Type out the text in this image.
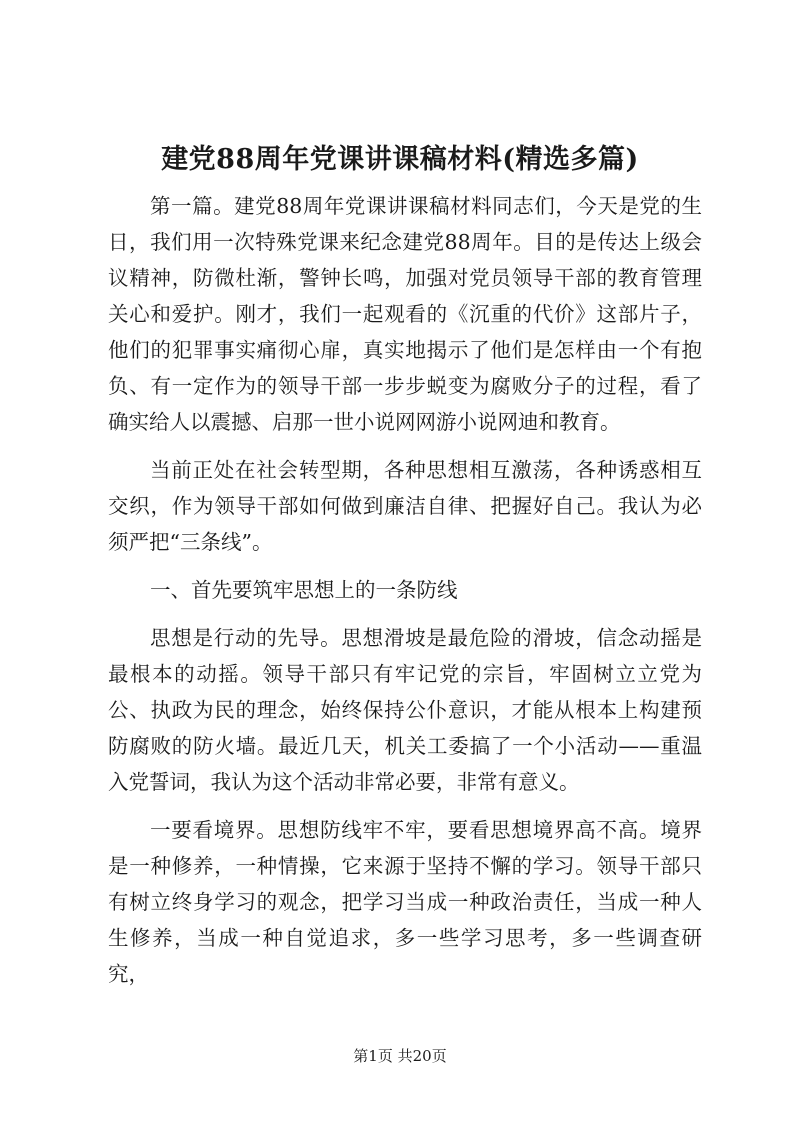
建党88周年党课讲课稿材料(精选多篇)

第一篇。建党88周年党课讲课稿材料同志们，今天是党的生日，我们用一次特殊党课来纪念建党88周年。目的是传达上级会议精神，防微杜渐，警钟长鸣，加强对党员领导干部的教育管理关心和爱护。刚才，我们一起观看的《沉重的代价》这部片子，他们的犯罪事实痛彻心扉，真实地揭示了他们是怎样由一个有抱负、有一定作为的领导干部一步步蜕变为腐败分子的过程，看了确实给人以震撼、启那一世小说网网游小说网迪和教育。

当前正处在社会转型期，各种思想相互激荡，各种诱惑相互交织，作为领导干部如何做到廉洁自律、把握好自己。我认为必须严把“三条线”。

一、首先要筑牢思想上的一条防线

思想是行动的先导。思想滑坡是最危险的滑坡，信念动摇是最根本的动摇。领导干部只有牢记党的宗旨，牢固树立立党为公、执政为民的理念，始终保持公仆意识，才能从根本上构建预防腐败的防火墙。最近几天，机关工委搞了一个小活动——重温入党誓词，我认为这个活动非常必要，非常有意义。

一要看境界。思想防线牢不牢，要看思想境界高不高。境界是一种修养，一种情操，它来源于坚持不懈的学习。领导干部只有树立终身学习的观念，把学习当成一种政治责任，当成一种人生修养，当成一种自觉追求，多一些学习思考，多一些调查研究，

第1页 共20页
